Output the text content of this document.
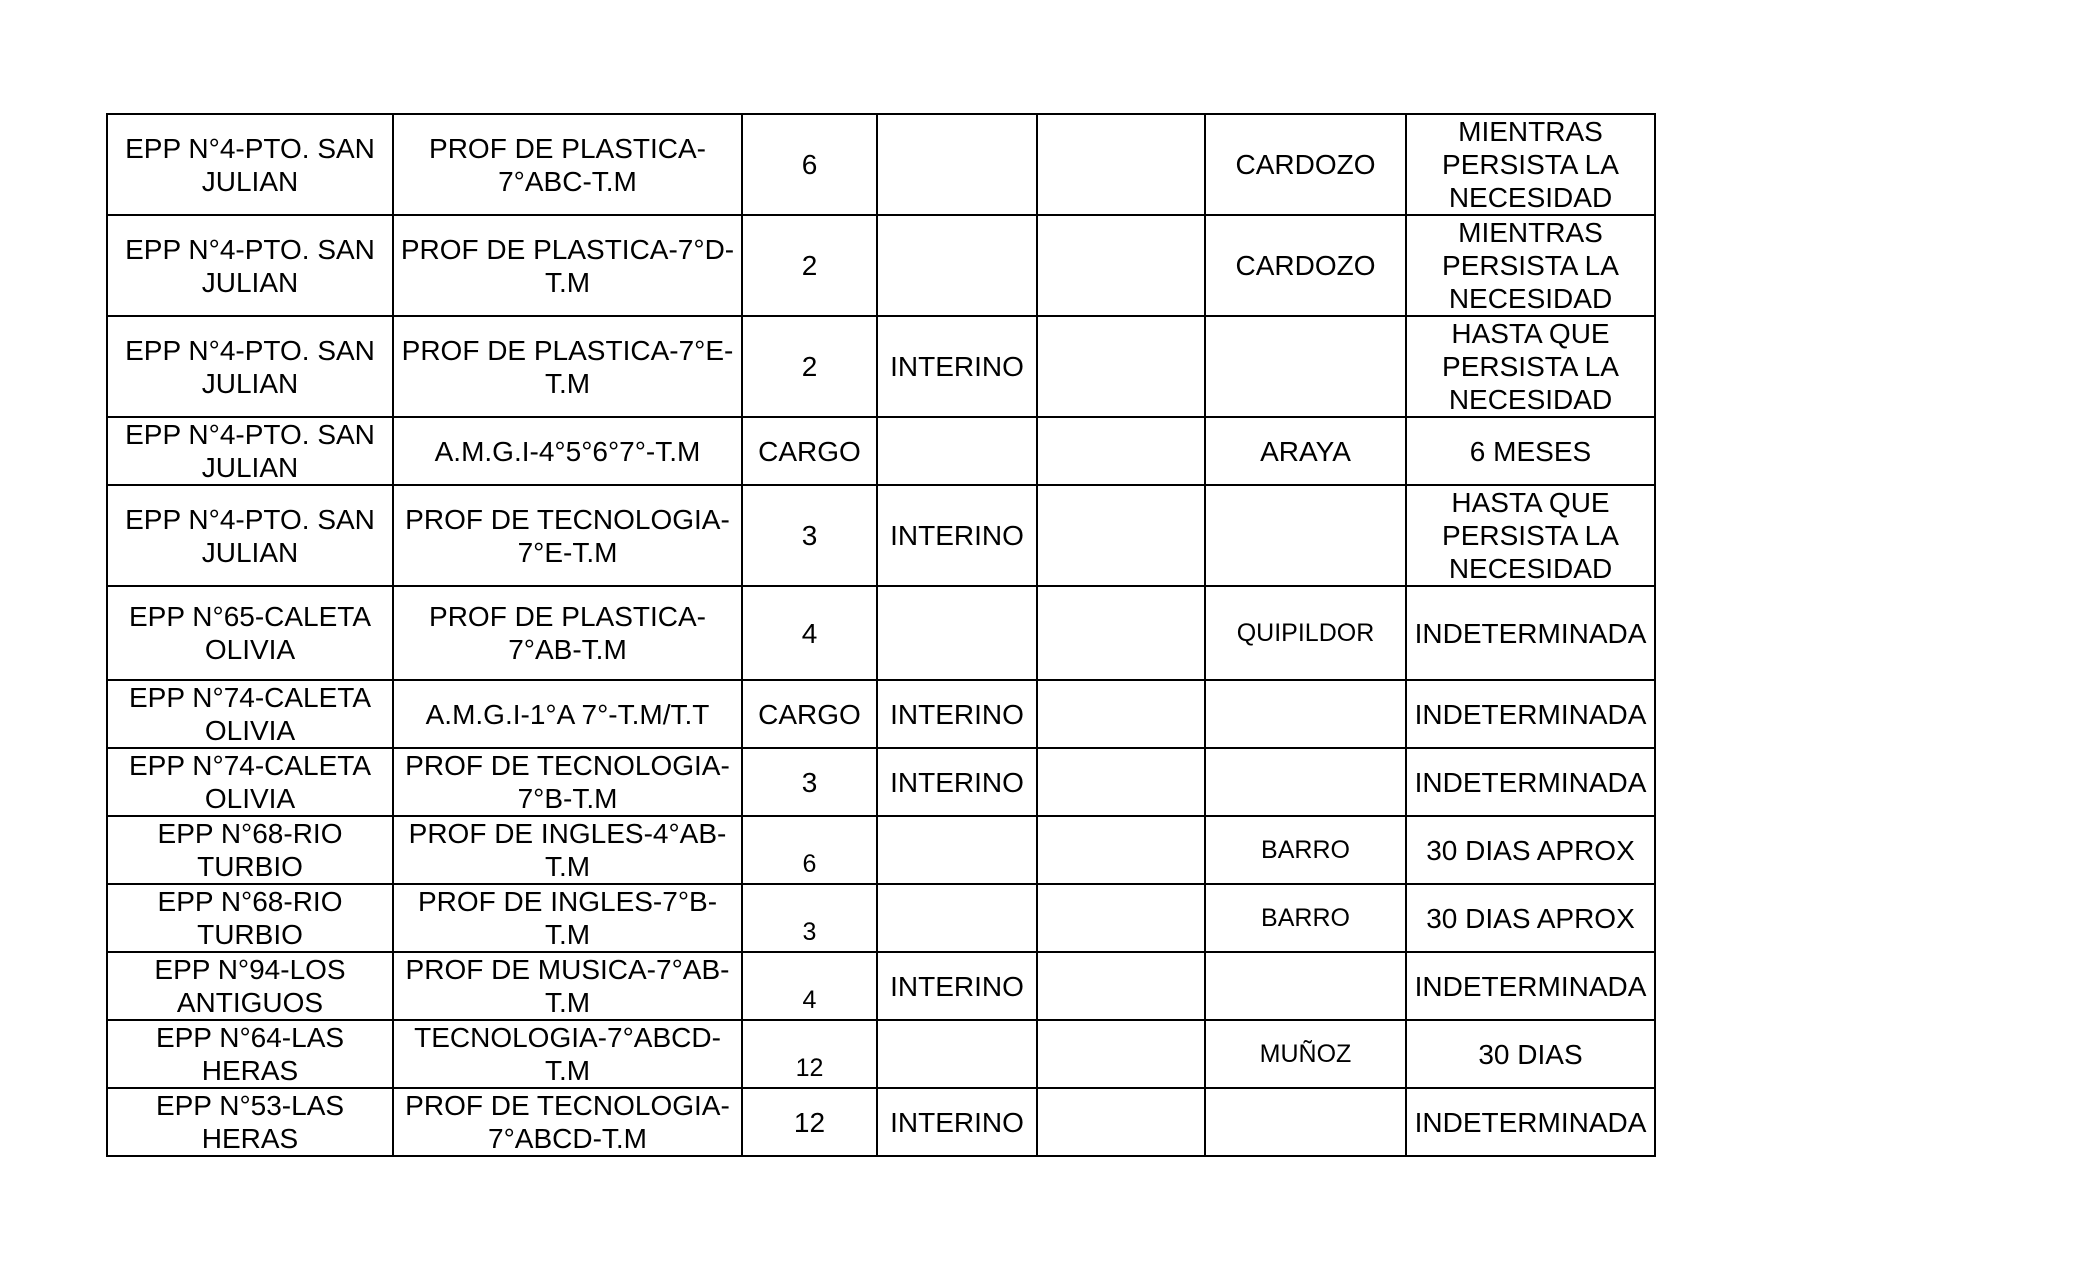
EPP N°4-PTO. SAN JULIAN	PROF DE PLASTICA-7°ABC-T.M	6			CARDOZO	MIENTRAS PERSISTA LA NECESIDAD
EPP N°4-PTO. SAN JULIAN	PROF DE PLASTICA-7°D-T.M	2			CARDOZO	MIENTRAS PERSISTA LA NECESIDAD
EPP N°4-PTO. SAN JULIAN	PROF DE PLASTICA-7°E-T.M	2	INTERINO			HASTA QUE PERSISTA LA NECESIDAD
EPP N°4-PTO. SAN JULIAN	A.M.G.I-4°5°6°7°-T.M	CARGO			ARAYA	6 MESES
EPP N°4-PTO. SAN JULIAN	PROF DE TECNOLOGIA-7°E-T.M	3	INTERINO			HASTA QUE PERSISTA LA NECESIDAD
EPP N°65-CALETA OLIVIA	PROF DE PLASTICA-7°AB-T.M	4			QUIPILDOR	INDETERMINADA
EPP N°74-CALETA OLIVIA	A.M.G.I-1°A 7°-T.M/T.T	CARGO	INTERINO			INDETERMINADA
EPP N°74-CALETA OLIVIA	PROF DE TECNOLOGIA-7°B-T.M	3	INTERINO			INDETERMINADA
EPP N°68-RIO TURBIO	PROF DE INGLES-4°AB-T.M	6			BARRO	30 DIAS APROX
EPP N°68-RIO TURBIO	PROF DE INGLES-7°B-T.M	3			BARRO	30 DIAS APROX
EPP N°94-LOS ANTIGUOS	PROF DE MUSICA-7°AB-T.M	4	INTERINO			INDETERMINADA
EPP N°64-LAS HERAS	TECNOLOGIA-7°ABCD-T.M	12			MUÑOZ	30 DIAS
EPP N°53-LAS HERAS	PROF DE TECNOLOGIA-7°ABCD-T.M	12	INTERINO			INDETERMINADA
